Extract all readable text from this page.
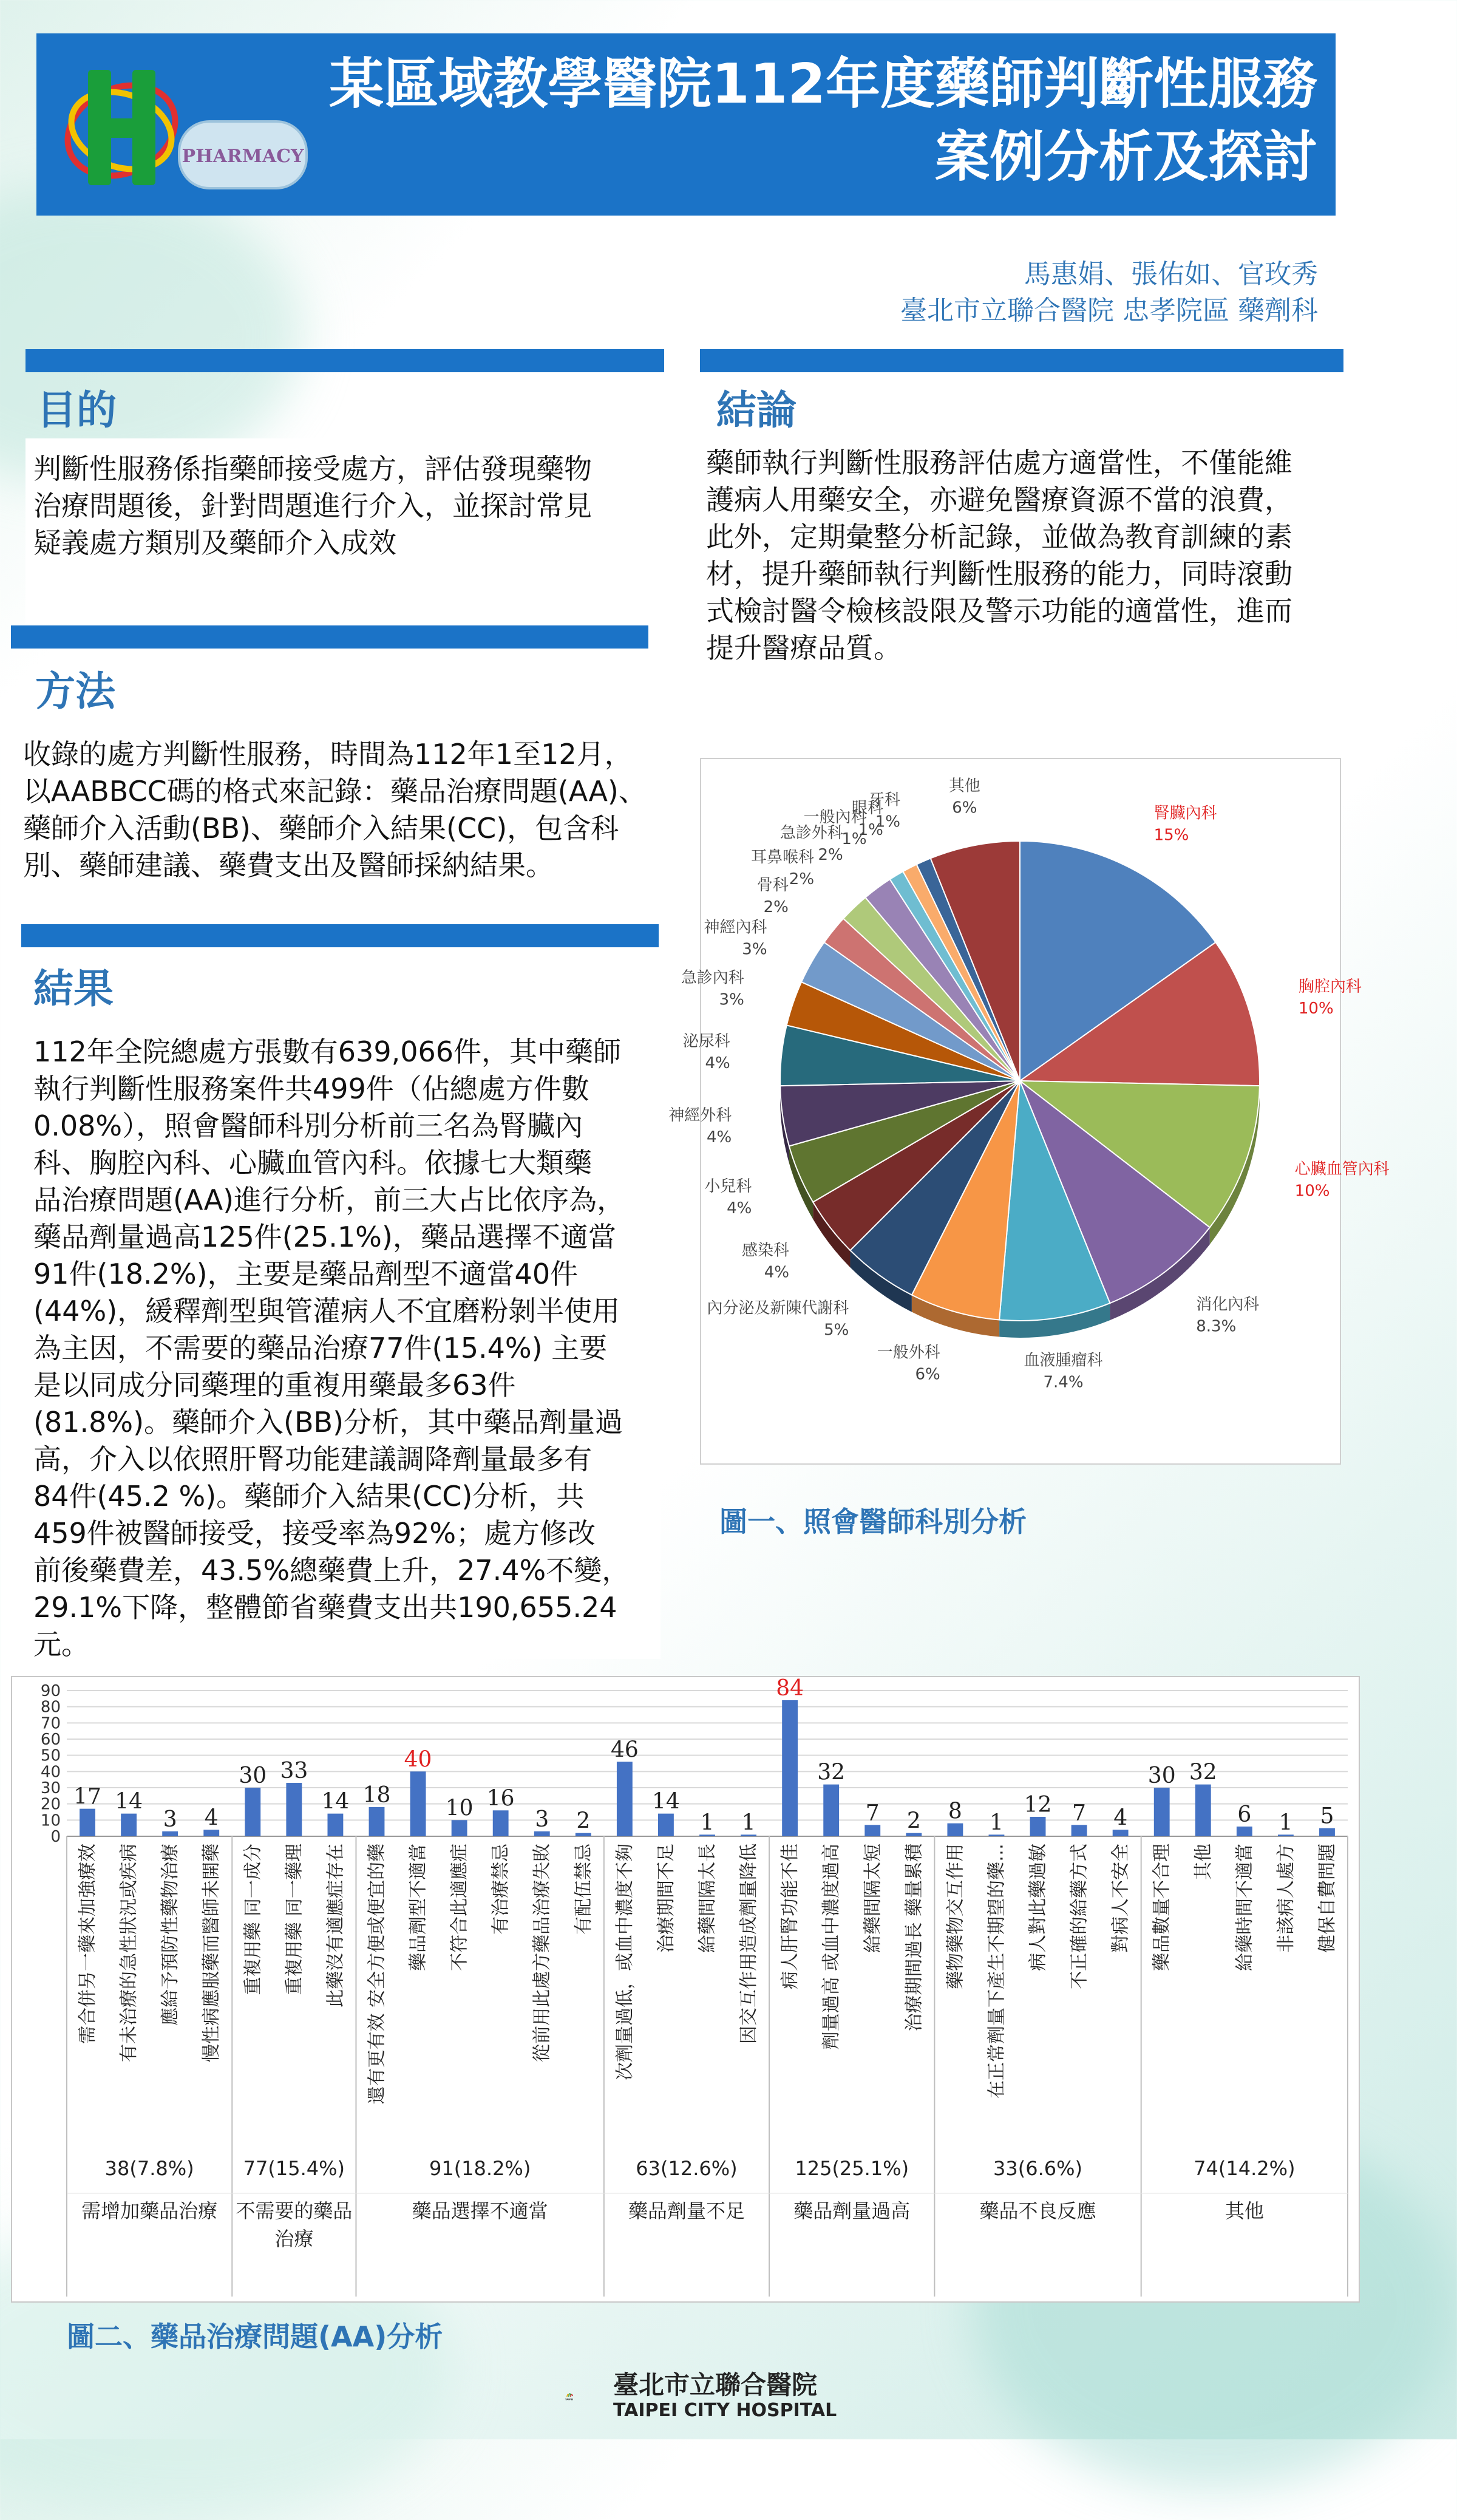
PHARMACY
某區域教學醫院112年度藥師判斷性服務
案例分析及探討
馬惠娟、張佑如、官玫秀
臺北市立聯合醫院 忠孝院區 藥劑科
目的
判斷性服務係指藥師接受處方，評估發現藥物
治療問題後，針對問題進行介入，並探討常見
疑義處方類別及藥師介入成效
方法
收錄的處方判斷性服務，時間為112年1至12月，
以AABBCC碼的格式來記錄：藥品治療問題(AA)、
藥師介入活動(BB)、藥師介入結果(CC)，包含科
別、藥師建議、藥費支出及醫師採納結果。
結果
112年全院總處方張數有639,066件，其中藥師
執行判斷性服務案件共499件（佔總處方件數
0.08%），照會醫師科別分析前三名為腎臟內
科、胸腔內科、心臟血管內科。依據七大類藥
品治療問題(AA)進行分析，前三大占比依序為，
藥品劑量過高125件(25.1%)，藥品選擇不適當
91件(18.2%)，主要是藥品劑型不適當40件
(44%)，緩釋劑型與管灌病人不宜磨粉剝半使用
為主因，不需要的藥品治療77件(15.4%) 主要
是以同成分同藥理的重複用藥最多63件
(81.8%)。藥師介入(BB)分析，其中藥品劑量過
高，介入以依照肝腎功能建議調降劑量最多有
84件(45.2 %)。藥師介入結果(CC)分析，共
459件被醫師接受，接受率為92%；處方修改
前後藥費差，43.5%總藥費上升，27.4%不變，
29.1%下降，整體節省藥費支出共190,655.24
元。
結論
藥師執行判斷性服務評估處方適當性，不僅能維
護病人用藥安全，亦避免醫療資源不當的浪費，
此外，定期彙整分析記錄，並做為教育訓練的素
材，提升藥師執行判斷性服務的能力，同時滾動
式檢討醫令檢核設限及警示功能的適當性，進而
提升醫療品質。
腎臟內科
15%
胸腔內科
10%
心臟血管內科
10%
消化內科
8.3%
血液腫瘤科
7.4%
一般外科
6%
內分泌及新陳代謝科
5%
感染科
4%
小兒科
4%
神經外科
4%
泌尿科
4%
急診內科
3%
神經內科
3%
骨科
2%
耳鼻喉科
2%
急診外科
2%
一般內科
1%
眼科
1%
牙科
1%
其他
6%
圖一、照會醫師科別分析
0
10
20
30
40
50
60
70
80
90
17
需合併另一藥來加強療效
14
有未治療的急性狀況或疾病
3
應給予預防性藥物治療
4
慢性病應服藥而醫師未開藥
30
重複用藥 同一成分
33
重複用藥 同一藥理
14
此藥沒有適應症存在
18
還有更有效 安全方便或便宜的藥
40
藥品劑型不適當
10
不符合此適應症
16
有治療禁忌
3
從前用此處方藥品治療失敗
2
有配伍禁忌
46
次劑量過低，或血中濃度不夠
14
治療期間不足
1
給藥間隔太長
1
因交互作用造成劑量降低
84
病人肝腎功能不佳
32
劑量過高 或血中濃度過高
7
給藥間隔太短
2
治療期間過長 藥量累積
8
藥物藥物交互作用
1
在正常劑量下產生不期望的藥…
12
病人對此藥過敏
7
不正確的給藥方式
4
對病人不安全
30
藥品數量不合理
32
其他
6
給藥時間不適當
1
非該病人處方
5
健保自費問題
38(7.8%)
需增加藥品治療
77(15.4%)
不需要的藥品
治療
91(18.2%)
藥品選擇不適當
63(12.6%)
藥品劑量不足
125(25.1%)
藥品劑量過高
33(6.6%)
藥品不良反應
74(14.2%)
其他
圖二、藥品治療問題(AA)分析
TAIPEI 臺北市立聯合醫院
TAIPEI CITY HOSPITAL
